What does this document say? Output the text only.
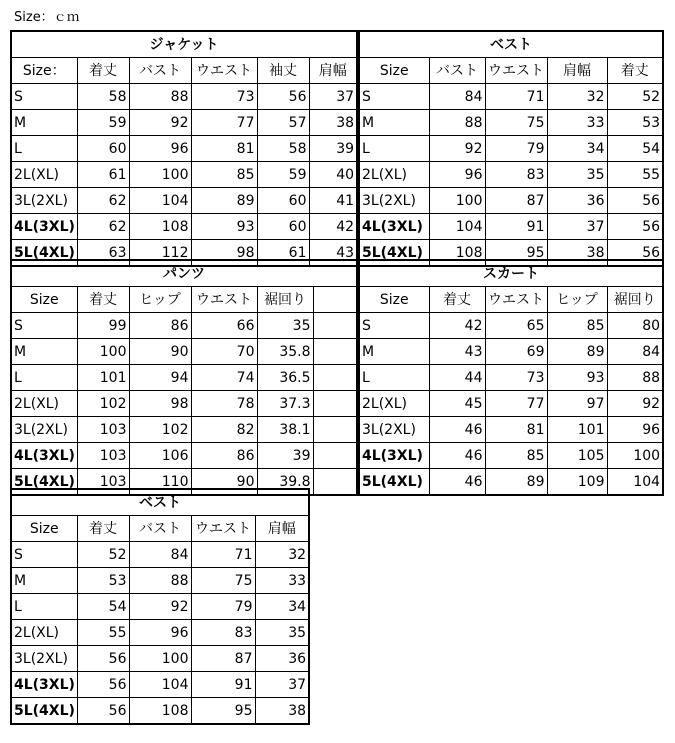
Size：ｃｍ
ジャケット					
Size：	着丈	バスト	ウエスト	袖丈	肩幅
S	58	88	73	56	37
M	59	92	77	57	38
L	60	96	81	58	39
2L(XL)	61	100	85	59	40
3L(2XL)	62	104	89	60	41
4L(3XL)	62	108	93	60	42
5L(4XL)	63	112	98	61	43
ベスト				
Size	バスト	ウエスト	肩幅	着丈
S	84	71	32	52
M	88	75	33	53
L	92	79	34	54
2L(XL)	96	83	35	55
3L(2XL)	100	87	36	56
4L(3XL)	104	91	37	56
5L(4XL)	108	95	38	56
パンツ					
Size	着丈	ヒップ	ウエスト	裾回り	
S	99	86	66	35	
M	100	90	70	35.8	
L	101	94	74	36.5	
2L(XL)	102	98	78	37.3	
3L(2XL)	103	102	82	38.1	
4L(3XL)	103	106	86	39	
5L(4XL)	103	110	90	39.8	
スカート				
Size	着丈	ウエスト	ヒップ	裾回り
S	42	65	85	80
M	43	69	89	84
L	44	73	93	88
2L(XL)	45	77	97	92
3L(2XL)	46	81	101	96
4L(3XL)	46	85	105	100
5L(4XL)	46	89	109	104
ベスト				
Size	着丈	バスト	ウエスト	肩幅
S	52	84	71	32
M	53	88	75	33
L	54	92	79	34
2L(XL)	55	96	83	35
3L(2XL)	56	100	87	36
4L(3XL)	56	104	91	37
5L(4XL)	56	108	95	38
